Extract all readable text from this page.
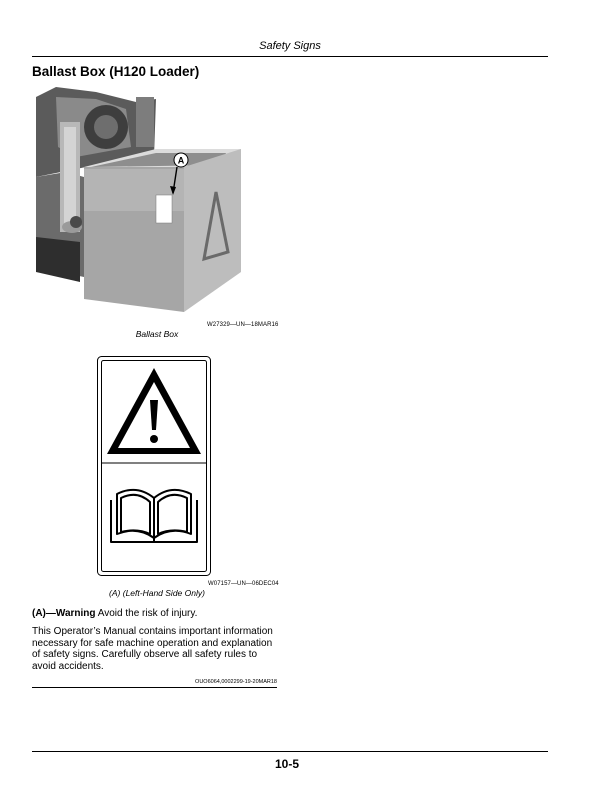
Safety Signs
Ballast Box (H120 Loader)
A
W27329—UN—18MAR16
Ballast Box
W07157—UN—06DEC04
(A) (Left-Hand Side Only)
(A)—Warning Avoid the risk of injury.
This Operator’s Manual contains important information necessary for safe machine operation and explanation of safety signs. Carefully observe all safety rules to avoid accidents.
OUO6064,0002299-19-20MAR18
10-5
